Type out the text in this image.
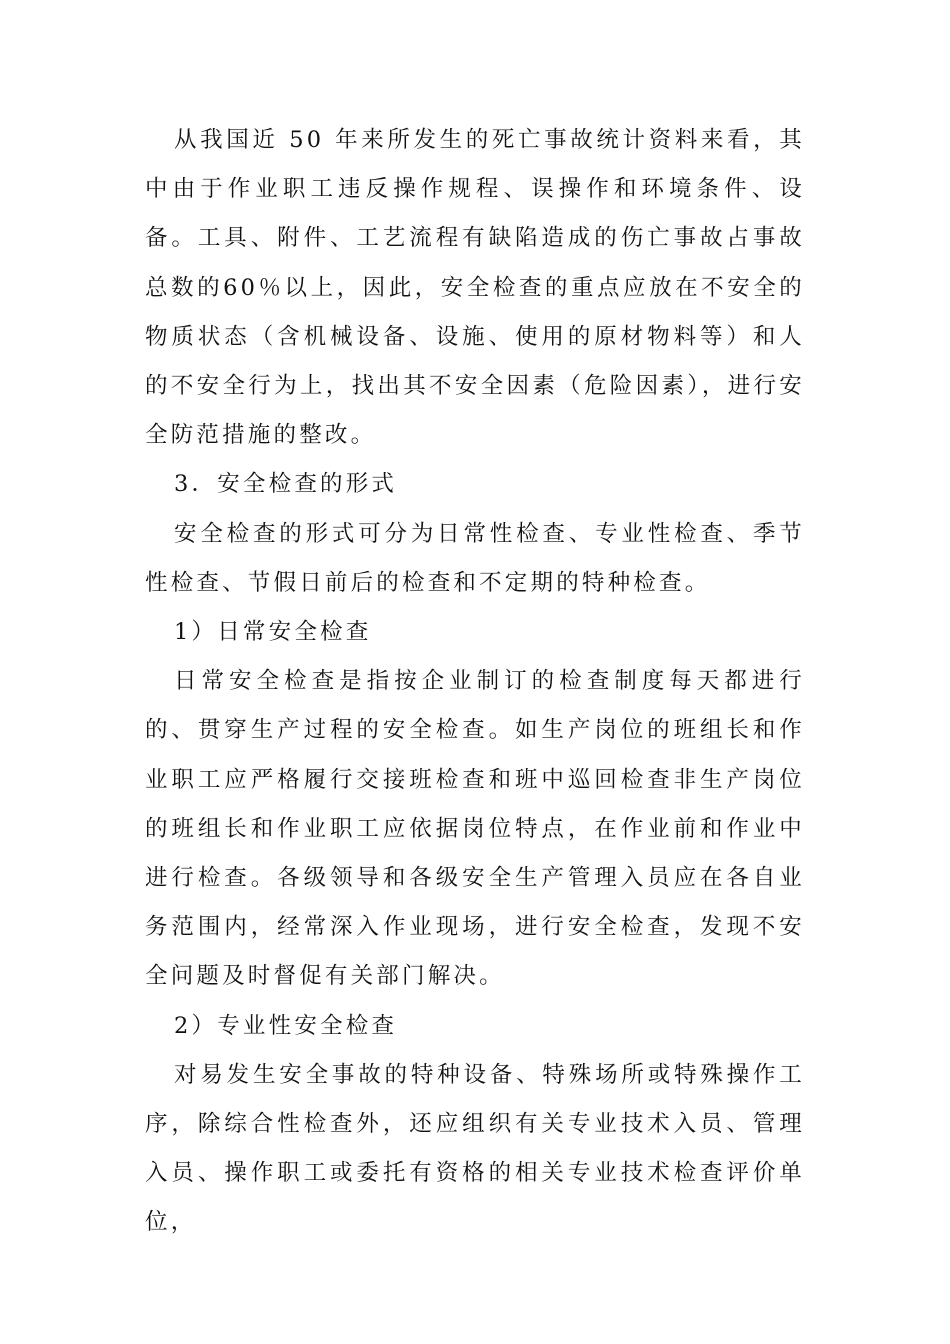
从我国近 50 年来所发生的死亡事故统计资料来看，其中由于作业职工违反操作规程、误操作和环境条件、设备。工具、附件、工艺流程有缺陷造成的伤亡事故占事故总数的60％以上，因此，安全检查的重点应放在不安全的物质状态（含机械设备、设施、使用的原材物料等）和人的不安全行为上，找出其不安全因素（危险因素），进行安全防范措施的整改。

3．安全检查的形式

安全检查的形式可分为日常性检查、专业性检查、季节性检查、节假日前后的检查和不定期的特种检查。

1）日常安全检查

日常安全检查是指按企业制订的检查制度每天都进行的、贯穿生产过程的安全检查。如生产岗位的班组长和作业职工应严格履行交接班检查和班中巡回检查非生产岗位的班组长和作业职工应依据岗位特点，在作业前和作业中进行检查。各级领导和各级安全生产管理入员应在各自业务范围内，经常深入作业现场，进行安全检查，发现不安全问题及时督促有关部门解决。

2）专业性安全检查

对易发生安全事故的特种设备、特殊场所或特殊操作工序，除综合性检查外，还应组织有关专业技术入员、管理入员、操作职工或委托有资格的相关专业技术检查评价单位，
